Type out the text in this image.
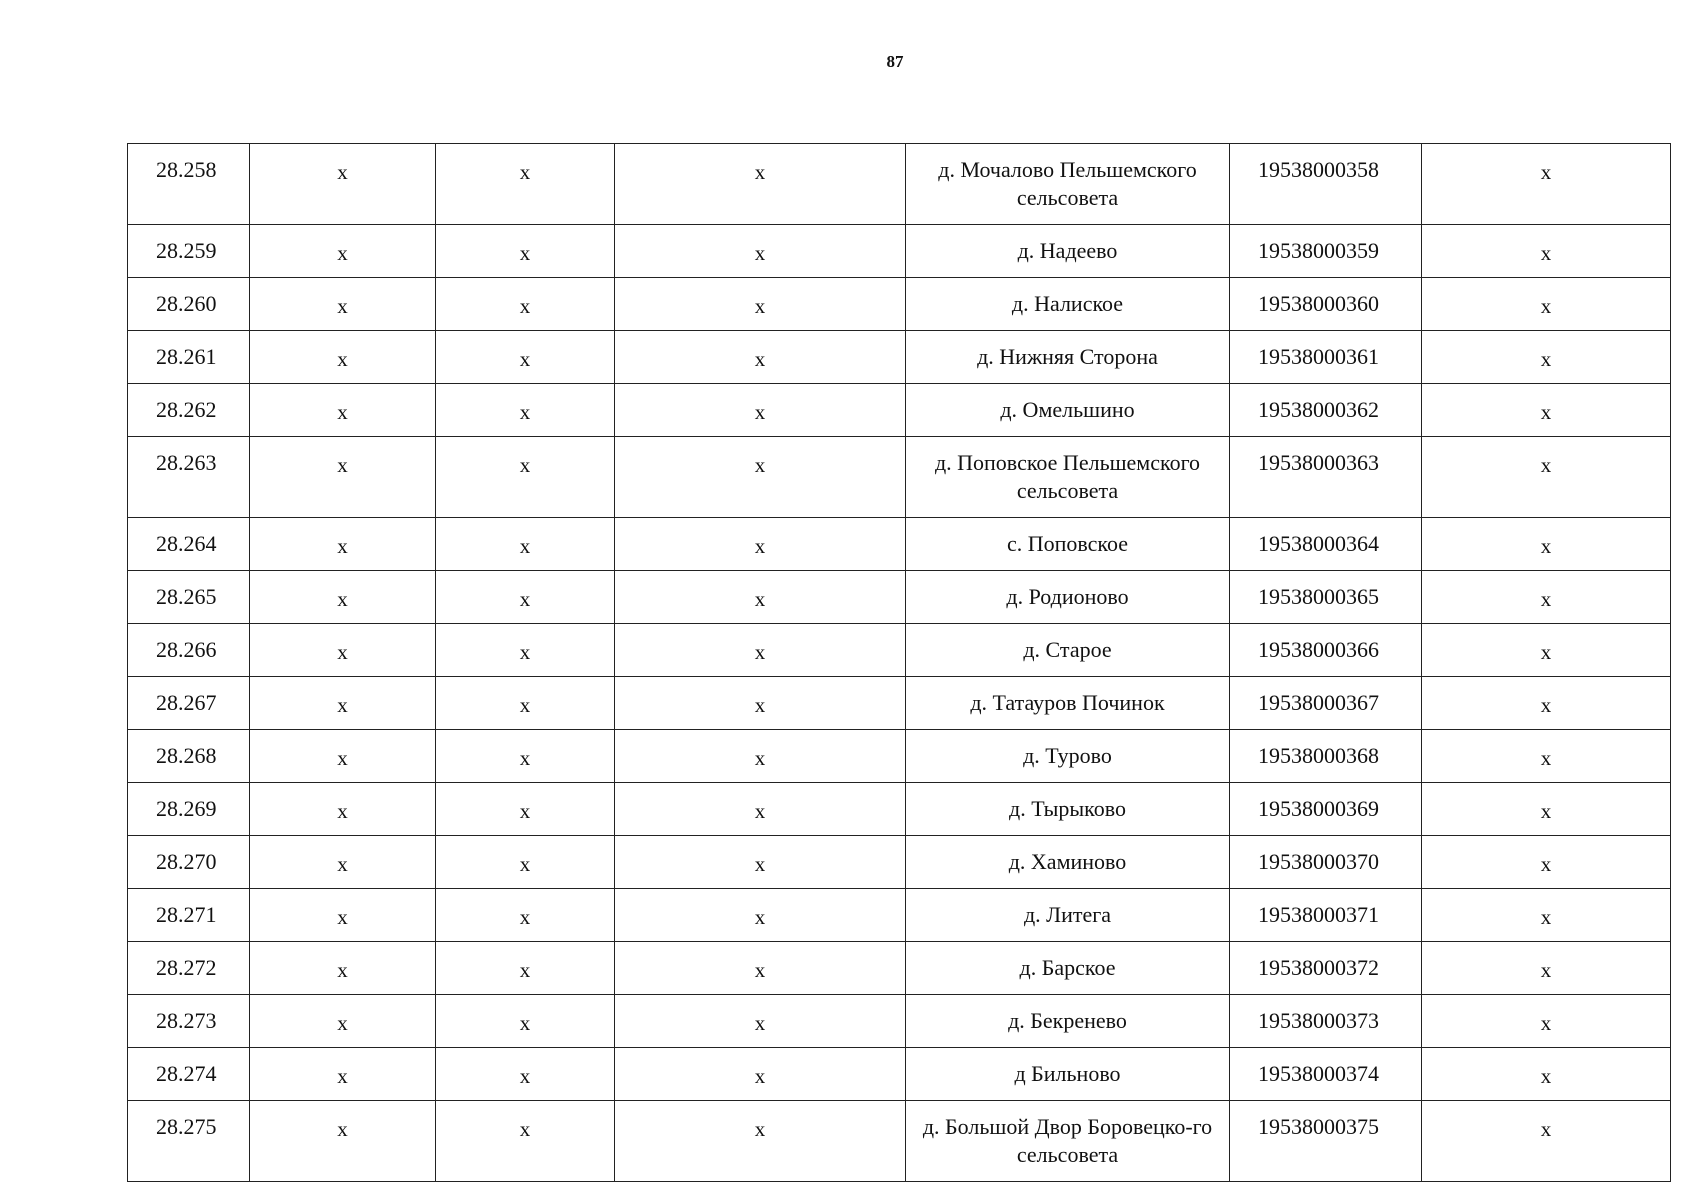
87
28.258	x	x	x	д. Мочалово Пельшемского сельсовета	19538000358	x
28.259	x	x	x	д. Надеево	19538000359	x
28.260	x	x	x	д. Налиское	19538000360	x
28.261	x	x	x	д. Нижняя Сторона	19538000361	x
28.262	x	x	x	д. Омельшино	19538000362	x
28.263	x	x	x	д. Поповское Пельшемского сельсовета	19538000363	x
28.264	x	x	x	с. Поповское	19538000364	x
28.265	x	x	x	д. Родионово	19538000365	x
28.266	x	x	x	д. Старое	19538000366	x
28.267	x	x	x	д. Татауров Починок	19538000367	x
28.268	x	x	x	д. Турово	19538000368	x
28.269	x	x	x	д. Тырыково	19538000369	x
28.270	x	x	x	д. Хаминово	19538000370	x
28.271	x	x	x	д. Литега	19538000371	x
28.272	x	x	x	д. Барское	19538000372	x
28.273	x	x	x	д. Бекренево	19538000373	x
28.274	x	x	x	д Бильново	19538000374	x
28.275	x	x	x	д. Большой Двор Боровецко-го сельсовета	19538000375	x
